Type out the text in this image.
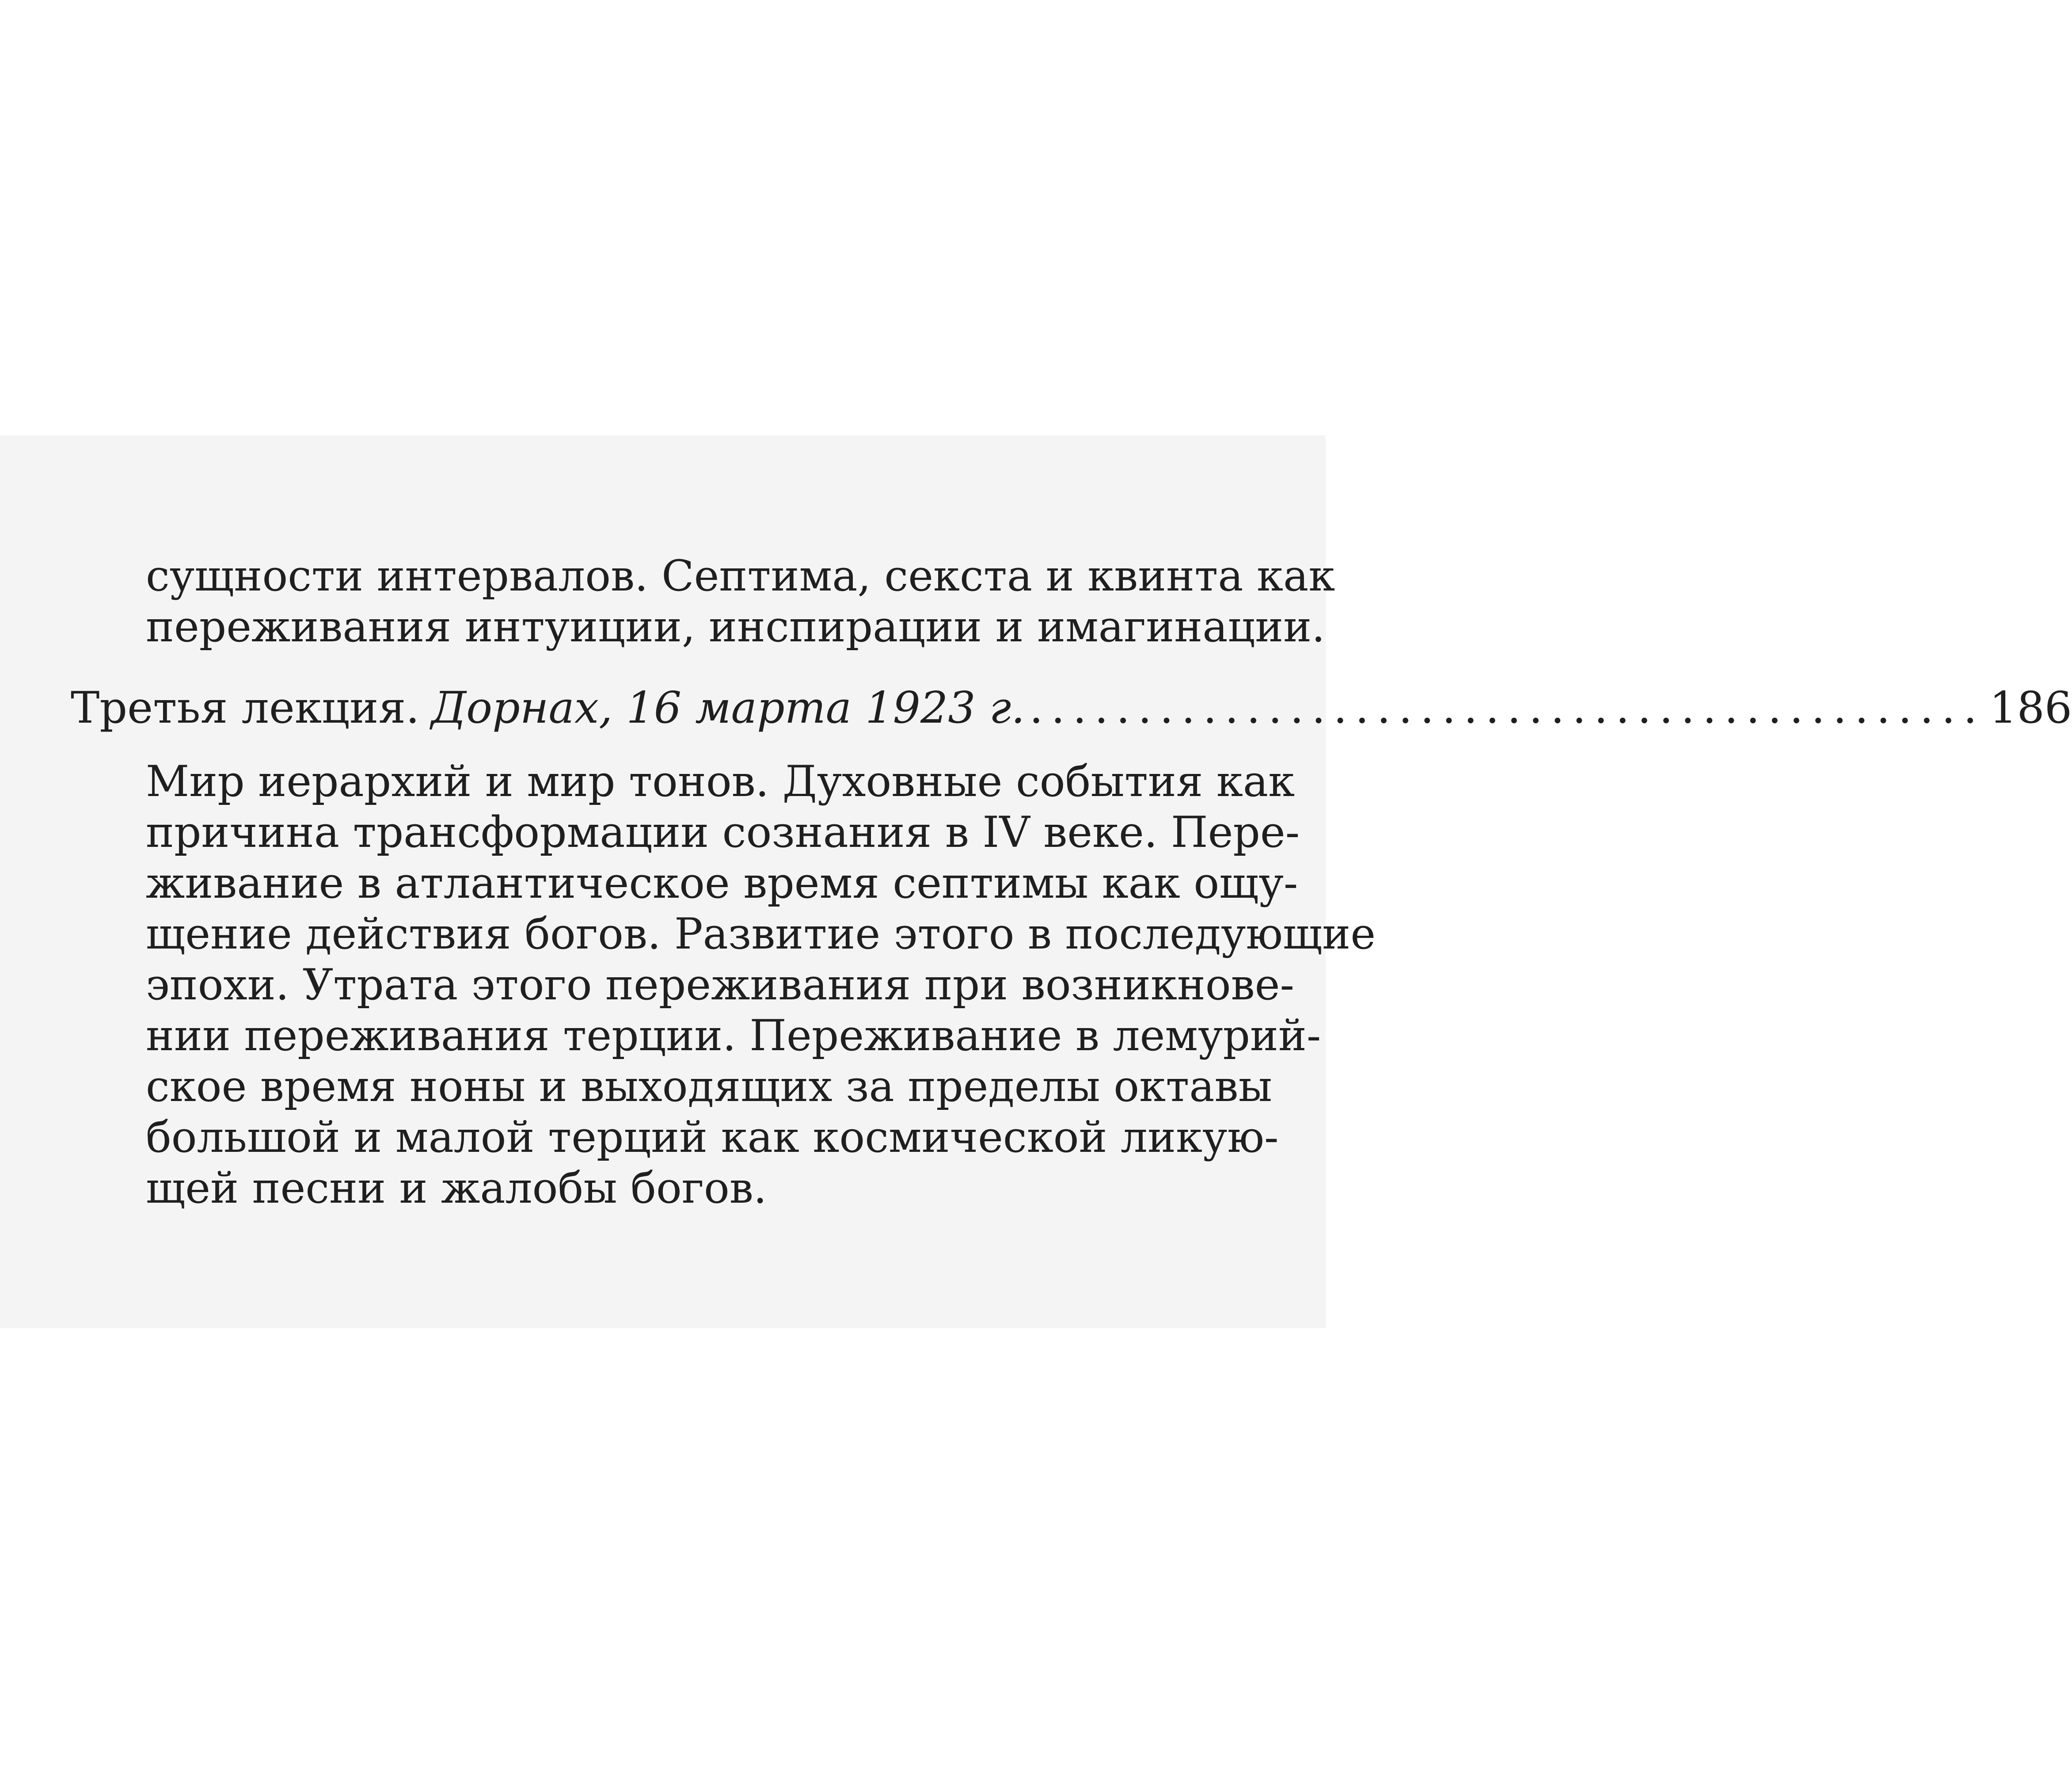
сущности интервалов. Септима, секста и квинта как
переживания интуиции, инспирации и имагинации.
Третья лекция. Дорнах, 16 марта 1923 г. ............................................ 186
Мир иерархий и мир тонов. Духовные события как
причина трансформации сознания в IV веке. Пере-
живание в атлантическое время септимы как ощу-
щение действия богов. Развитие этого в последующие
эпохи. Утрата этого переживания при возникнове-
нии переживания терции. Переживание в лемурий-
ское время ноны и выходящих за пределы октавы
большой и малой терций как космической ликую-
щей песни и жалобы богов.
